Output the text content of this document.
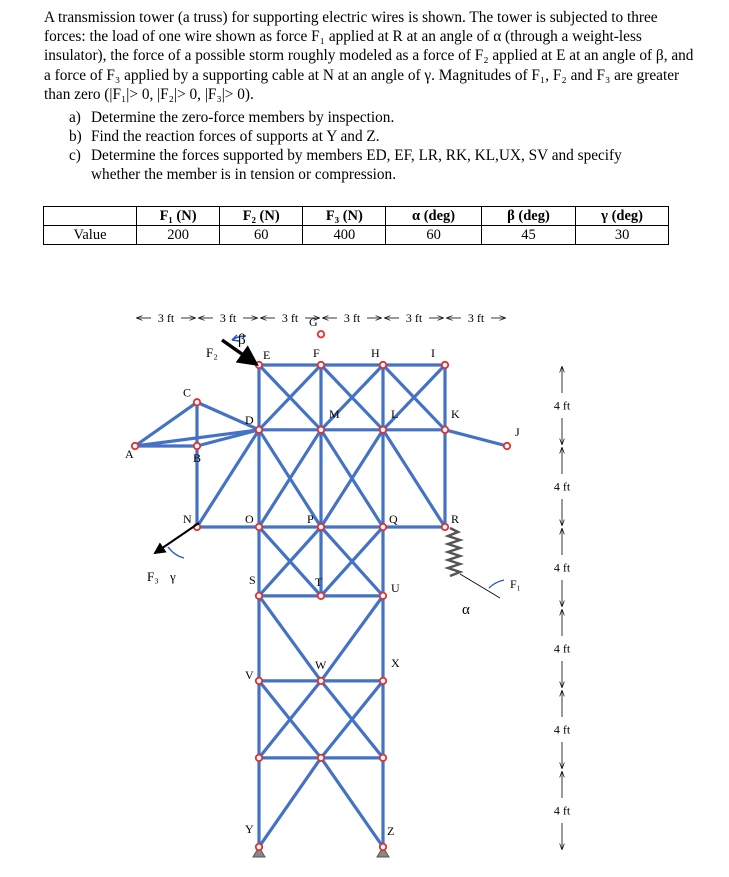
A transmission tower (a truss) for supporting electric wires is shown. The tower is subjected to three forces: the load of one wire shown as force F₁ applied at R at an angle of α (through a weight-less insulator), the force of a possible storm roughly modeled as a force of F₂ applied at E at an angle of β, and a force of F₃ applied by a supporting cable at N at an angle of γ. Magnitudes of F₁, F₂ and F₃ are greater than zero (|F₁|> 0, |F₂|> 0, |F₃|> 0).

a) Determine the zero-force members by inspection.
b) Find the reaction forces of supports at Y and Z.
c) Determine the forces supported by members ED, EF, LR, RK, KL,UX, SV and specify
whether the member is in tension or compression.
	F₁ (N)	F₂ (N)	F₃ (N)	α (deg)	β (deg)	γ (deg)
Value	200	60	400	60	45	30
A	B
C
D
E	F
G
H	I
J
K
L
M
N	O	P	Q	R
S	T	U
V
W	X
Y	Z
3 ft	3 ft	3 ft	3 ft	3 ft	3 ft
4 ft
4 ft
4 ft
4 ft
4 ft
4 ft
F₂
β
F₃ γ	F₁
α
